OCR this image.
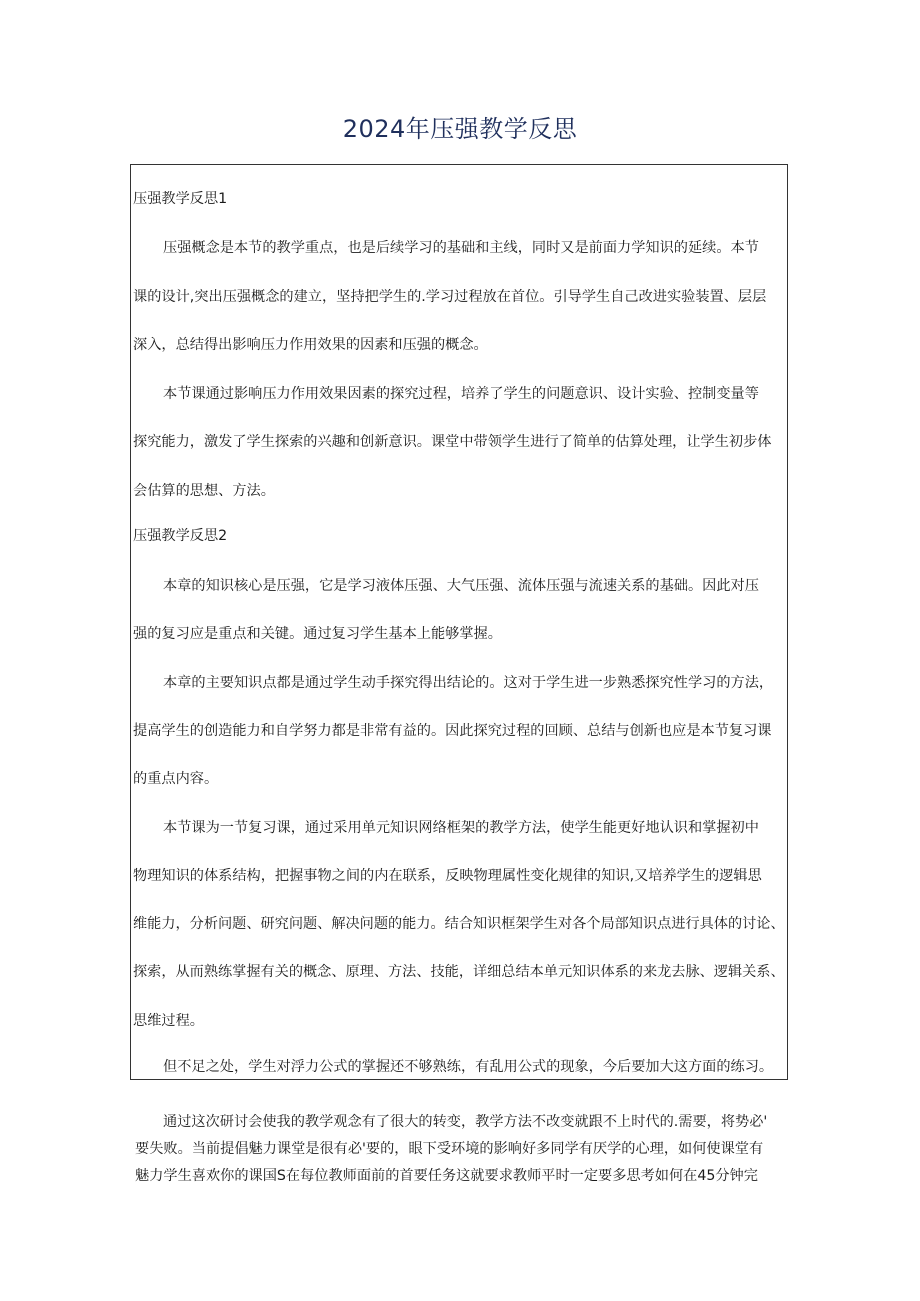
2024年压强教学反思
压强教学反思1
压强概念是本节的教学重点，也是后续学习的基础和主线，同时又是前面力学知识的延续。本节
课的设计,突出压强概念的建立，坚持把学生的.学习过程放在首位。引导学生自己改进实验装置、层层
深入，总结得出影响压力作用效果的因素和压强的概念。
本节课通过影响压力作用效果因素的探究过程，培养了学生的问题意识、设计实验、控制变量等
探究能力，激发了学生探索的兴趣和创新意识。课堂中带领学生进行了简单的估算处理，让学生初步体
会估算的思想、方法。
压强教学反思2
本章的知识核心是压强，它是学习液体压强、大气压强、流体压强与流速关系的基础。因此对压
强的复习应是重点和关键。通过复习学生基本上能够掌握。
本章的主要知识点都是通过学生动手探究得出结论的。这对于学生进一步熟悉探究性学习的方法，
提高学生的创造能力和自学努力都是非常有益的。因此探究过程的回顾、总结与创新也应是本节复习课
的重点内容。
本节课为一节复习课，通过采用单元知识网络框架的教学方法，使学生能更好地认识和掌握初中
物理知识的体系结构，把握事物之间的内在联系，反映物理属性变化规律的知识,又培养学生的逻辑思
维能力，分析问题、研究问题、解决问题的能力。结合知识框架学生对各个局部知识点进行具体的讨论、
探索，从而熟练掌握有关的概念、原理、方法、技能，详细总结本单元知识体系的来龙去脉、逻辑关系、
思维过程。
但不足之处，学生对浮力公式的掌握还不够熟练，有乱用公式的现象，今后要加大这方面的练习。
通过这次研讨会使我的教学观念有了很大的转变，教学方法不改变就跟不上时代的.需要，将势必'
要失败。当前提倡魅力课堂是很有必'要的，眼下受环境的影响好多同学有厌学的心理，如何使课堂有
魅力学生喜欢你的课国S在每位教师面前的首要任务这就要求教师平时一定要多思考如何在45分钟完
